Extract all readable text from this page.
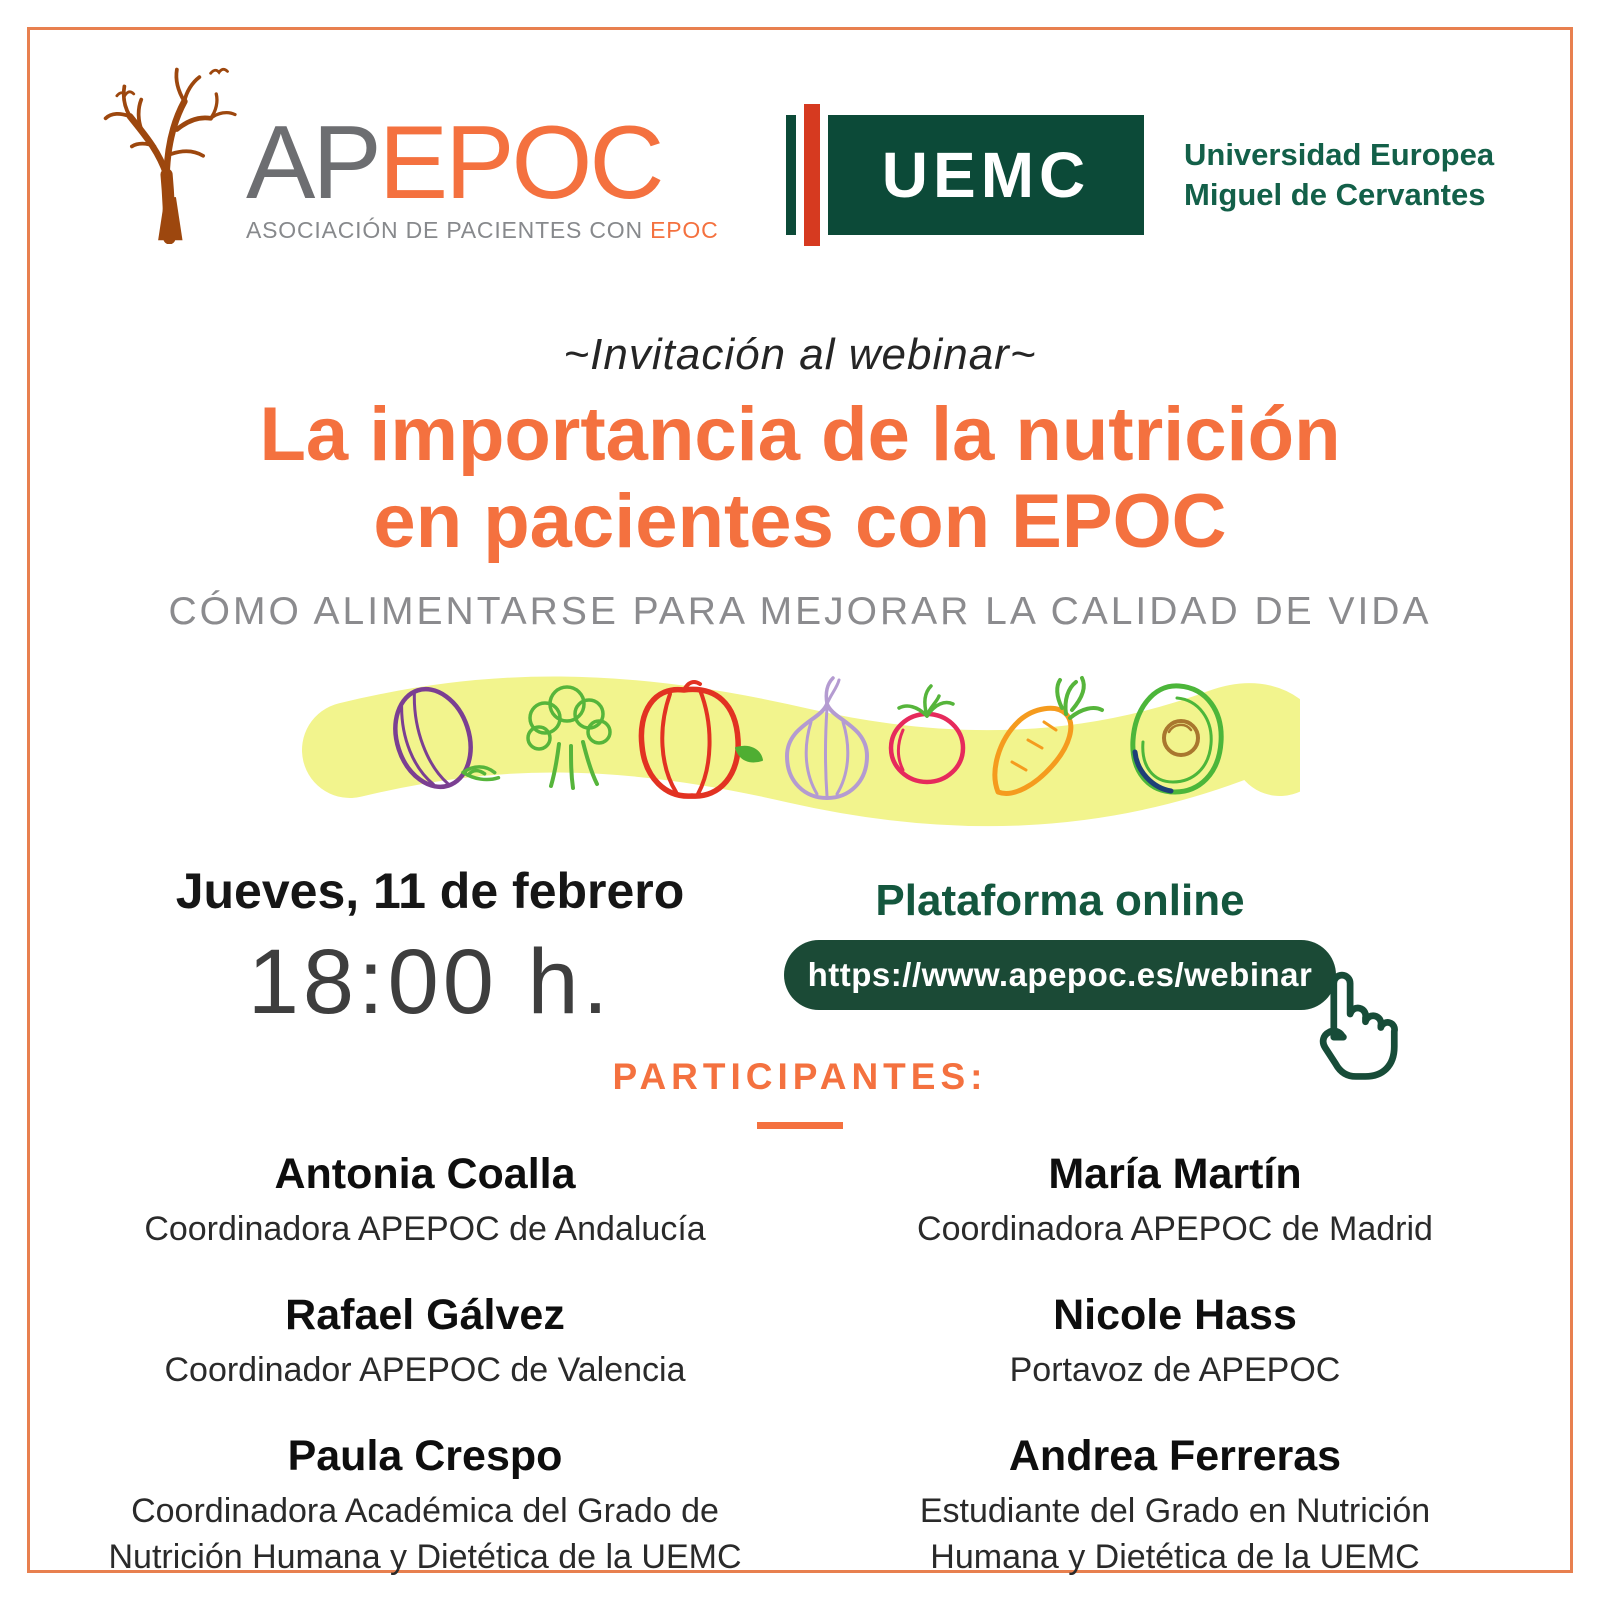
APEPOC
ASOCIACIÓN DE PACIENTES CON EPOC
UEMC	Universidad Europea
Miguel de Cervantes
~Invitación al webinar~
La importancia de la nutrición
en pacientes con EPOC
CÓMO ALIMENTARSE PARA MEJORAR LA CALIDAD DE VIDA
Jueves, 11 de febrero
18:00 h.
Plataforma online
https://www.apepoc.es/webinar
PARTICIPANTES:
Antonia Coalla
Coordinadora APEPOC de Andalucía
María Martín
Coordinadora APEPOC de Madrid
Rafael Gálvez
Coordinador APEPOC de Valencia
Nicole Hass
Portavoz de APEPOC
Paula Crespo
Coordinadora Académica del Grado de Nutrición Humana y Dietética de la UEMC
Andrea Ferreras
Estudiante del Grado en Nutrición Humana y Dietética de la UEMC
